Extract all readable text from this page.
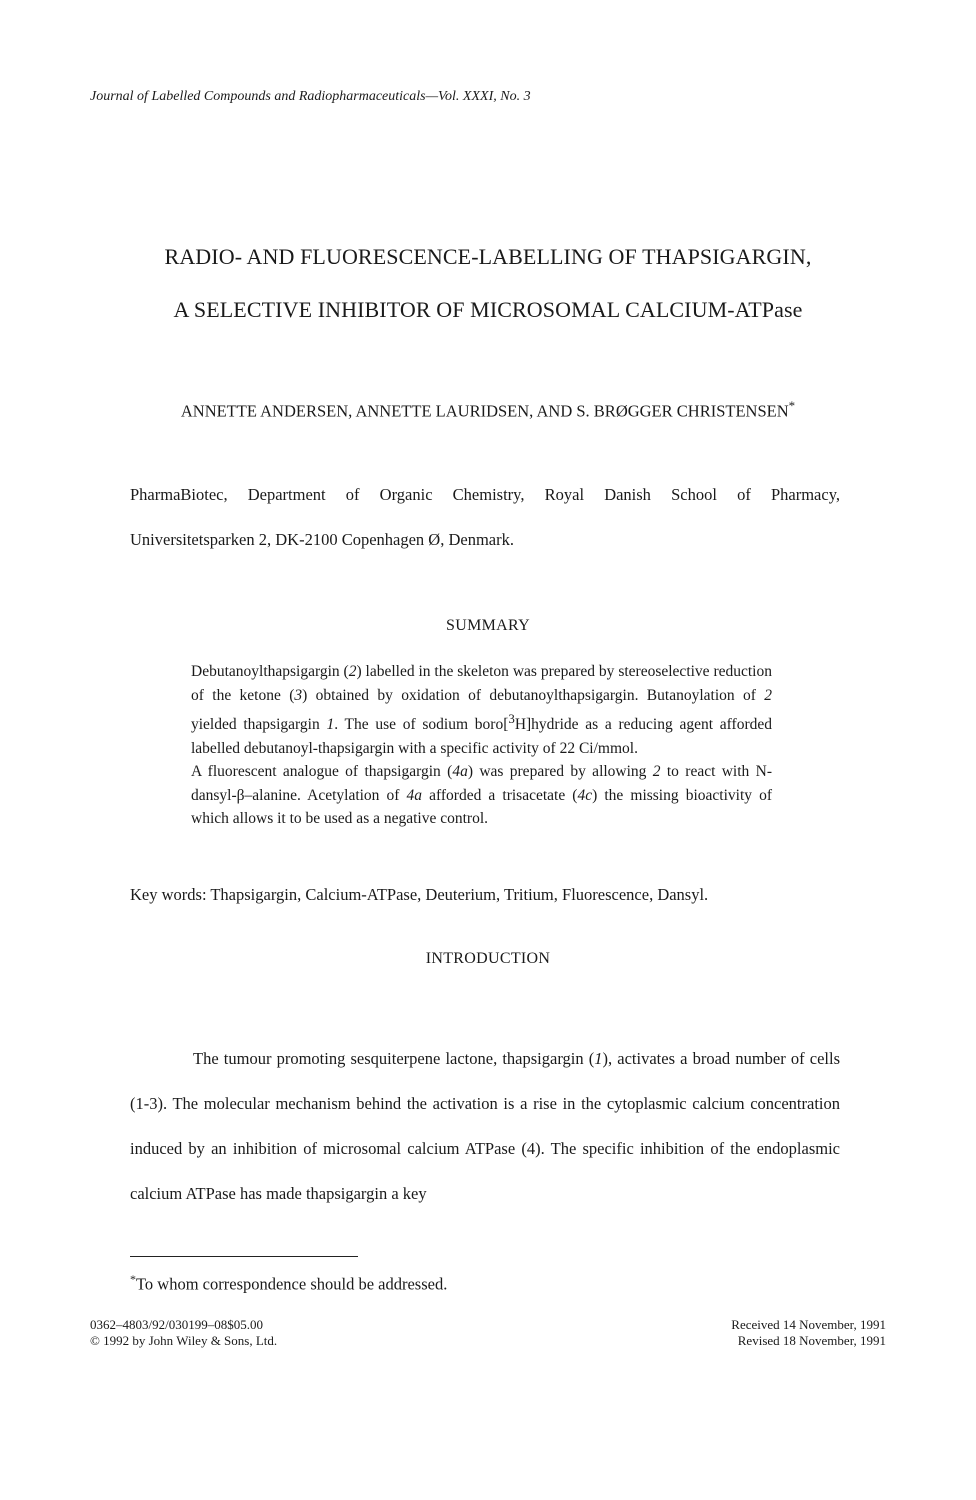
Journal of Labelled Compounds and Radiopharmaceuticals—Vol. XXXI, No. 3
RADIO- AND FLUORESCENCE-LABELLING OF THAPSIGARGIN,
A SELECTIVE INHIBITOR OF MICROSOMAL CALCIUM-ATPase
ANNETTE ANDERSEN, ANNETTE LAURIDSEN, AND S. BRØGGER CHRISTENSEN*
PharmaBiotec, Department of Organic Chemistry, Royal Danish School of Pharmacy,
Universitetsparken 2, DK-2100 Copenhagen Ø, Denmark.
SUMMARY

Debutanoylthapsigargin (2) labelled in the skeleton was prepared by stereoselective reduction of the ketone (3) obtained by oxidation of debutanoylthapsigargin. Butanoylation of 2 yielded thapsigargin 1. The use of sodium boro[$^3$H]hydride as a reducing agent afforded labelled debutanoyl-thapsigargin with a specific activity of 22 Ci/mmol.

A fluorescent analogue of thapsigargin (4a) was prepared by allowing 2 to react with N-dansyl-β–alanine. Acetylation of 4a afforded a trisacetate (4c) the missing bioactivity of which allows it to be used as a negative control.

Key words: Thapsigargin, Calcium-ATPase, Deuterium, Tritium, Fluorescence, Dansyl.
INTRODUCTION
The tumour promoting sesquiterpene lactone, thapsigargin (1), activates a broad number of cells (1-3). The molecular mechanism behind the activation is a rise in the cytoplasmic calcium concentration induced by an inhibition of microsomal calcium ATPase (4). The specific inhibition of the endoplasmic calcium ATPase has made thapsigargin a key
*To whom correspondence should be addressed.
0362–4803/92/030199–08$05.00
© 1992 by John Wiley & Sons, Ltd.
Received 14 November, 1991
Revised 18 November, 1991
